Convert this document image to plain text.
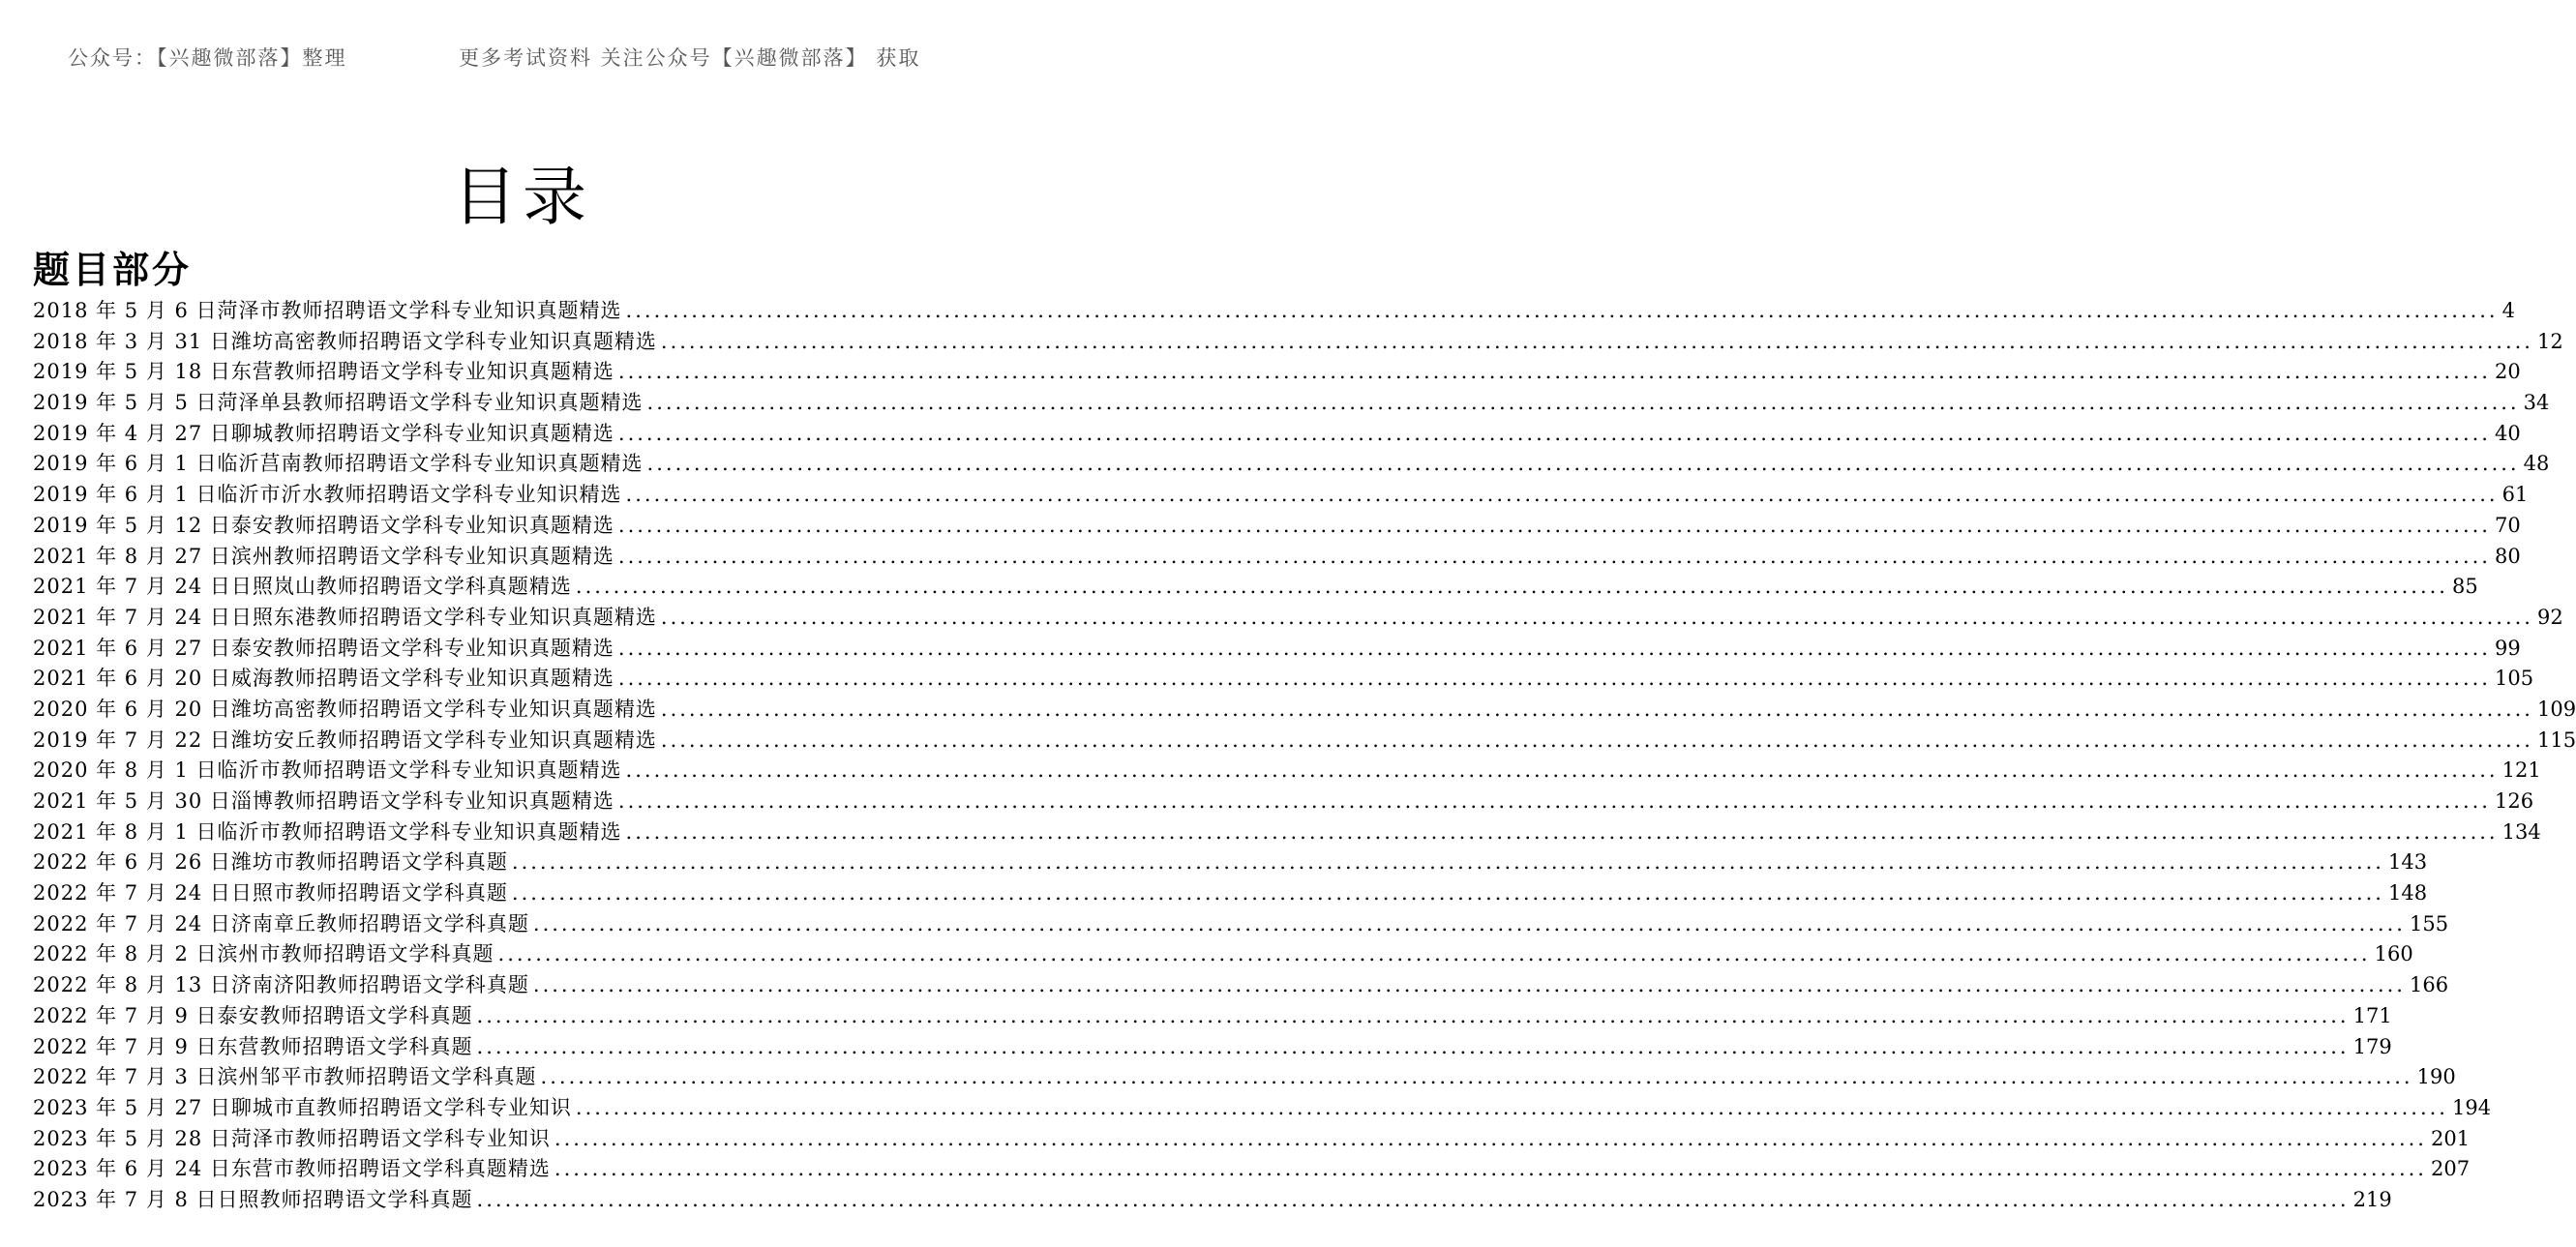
公众号：【兴趣微部落】整理	更多考试资料 关注公众号【兴趣微部落】 获取
目录
题目部分
2018 年 5 月 6 日菏泽市教师招聘语文学科专业知识真题精选 ........................................................................................................................................................................................................ 4
2018 年 3 月 31 日潍坊高密教师招聘语文学科专业知识真题精选 ........................................................................................................................................................................................................ 12
2019 年 5 月 18 日东营教师招聘语文学科专业知识真题精选 ........................................................................................................................................................................................................ 20
2019 年 5 月 5 日菏泽单县教师招聘语文学科专业知识真题精选 ........................................................................................................................................................................................................ 34
2019 年 4 月 27 日聊城教师招聘语文学科专业知识真题精选 ........................................................................................................................................................................................................ 40
2019 年 6 月 1 日临沂莒南教师招聘语文学科专业知识真题精选 ........................................................................................................................................................................................................ 48
2019 年 6 月 1 日临沂市沂水教师招聘语文学科专业知识精选 ........................................................................................................................................................................................................ 61
2019 年 5 月 12 日泰安教师招聘语文学科专业知识真题精选 ........................................................................................................................................................................................................ 70
2021 年 8 月 27 日滨州教师招聘语文学科专业知识真题精选 ........................................................................................................................................................................................................ 80
2021 年 7 月 24 日日照岚山教师招聘语文学科真题精选 ........................................................................................................................................................................................................ 85
2021 年 7 月 24 日日照东港教师招聘语文学科专业知识真题精选 ........................................................................................................................................................................................................ 92
2021 年 6 月 27 日泰安教师招聘语文学科专业知识真题精选 ........................................................................................................................................................................................................ 99
2021 年 6 月 20 日威海教师招聘语文学科专业知识真题精选 ........................................................................................................................................................................................................ 105
2020 年 6 月 20 日潍坊高密教师招聘语文学科专业知识真题精选 ........................................................................................................................................................................................................ 109
2019 年 7 月 22 日潍坊安丘教师招聘语文学科专业知识真题精选 ........................................................................................................................................................................................................ 115
2020 年 8 月 1 日临沂市教师招聘语文学科专业知识真题精选 ........................................................................................................................................................................................................ 121
2021 年 5 月 30 日淄博教师招聘语文学科专业知识真题精选 ........................................................................................................................................................................................................ 126
2021 年 8 月 1 日临沂市教师招聘语文学科专业知识真题精选 ........................................................................................................................................................................................................ 134
2022 年 6 月 26 日潍坊市教师招聘语文学科真题 ........................................................................................................................................................................................................ 143
2022 年 7 月 24 日日照市教师招聘语文学科真题 ........................................................................................................................................................................................................ 148
2022 年 7 月 24 日济南章丘教师招聘语文学科真题 ........................................................................................................................................................................................................ 155
2022 年 8 月 2 日滨州市教师招聘语文学科真题 ........................................................................................................................................................................................................ 160
2022 年 8 月 13 日济南济阳教师招聘语文学科真题 ........................................................................................................................................................................................................ 166
2022 年 7 月 9 日泰安教师招聘语文学科真题 ........................................................................................................................................................................................................ 171
2022 年 7 月 9 日东营教师招聘语文学科真题 ........................................................................................................................................................................................................ 179
2022 年 7 月 3 日滨州邹平市教师招聘语文学科真题 ........................................................................................................................................................................................................ 190
2023 年 5 月 27 日聊城市直教师招聘语文学科专业知识 ........................................................................................................................................................................................................ 194
2023 年 5 月 28 日菏泽市教师招聘语文学科专业知识 ........................................................................................................................................................................................................ 201
2023 年 6 月 24 日东营市教师招聘语文学科真题精选 ........................................................................................................................................................................................................ 207
2023 年 7 月 8 日日照教师招聘语文学科真题 ........................................................................................................................................................................................................ 219
